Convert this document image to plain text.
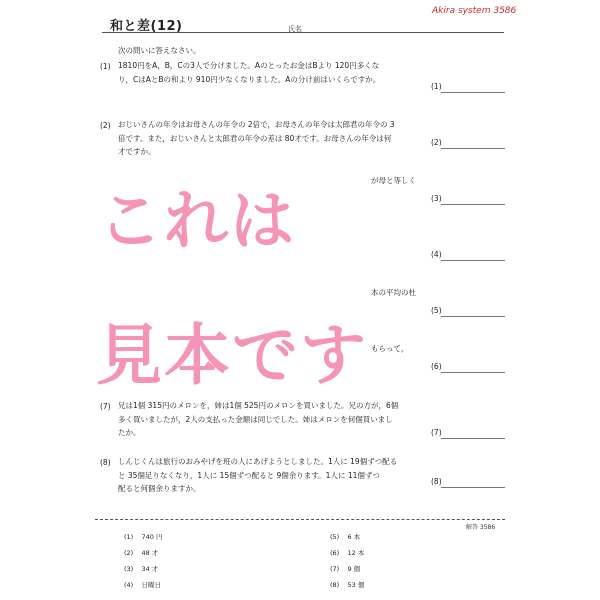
和と差(12)
Akira system 3586
氏名
次の問いに答えなさい。
(1) 1810円をA，B，Cの3人で分けました。Aのとったお金はBより 120円多くな
り，CはAとBの和より 910円少なくなりました。Aの分け前はいくらですか。
(1)
(2) おじいさんの年令はお母さんの年令の 2倍で，お母さんの年令は太郎君の年令の 3
倍です。また，おじいさんと太郎君の年令の差は 80才です。お母さんの年令は何
才ですか。
(2)
が母と等しく
(3)
(4)
本の平均の杜
(5)
もらって，
(6)
(7) 兄は1個 315円のメロンを，姉は1個 525円のメロンを買いました。兄の方が，6個
多く買いましたが，2人の支払った金額は同じでした。姉はメロンを何個買いまし
たか。	(7)
(8) しんじくんは旅行のおみやげを班の人にあげようとしました。1人に 19個ずつ配る
と 35個足りなくなり，1人に 15個ずつ配ると 9個余ります。1人に 11個ずつ
配ると何個余りますか。
(8)
これは
見本です
解答 3586
(1) 740 円
(2) 48 才
(3) 34 才
(4) 日曜日
(5) 6 本
(6) 12 本
(7) 9 個
(8) 53 個
